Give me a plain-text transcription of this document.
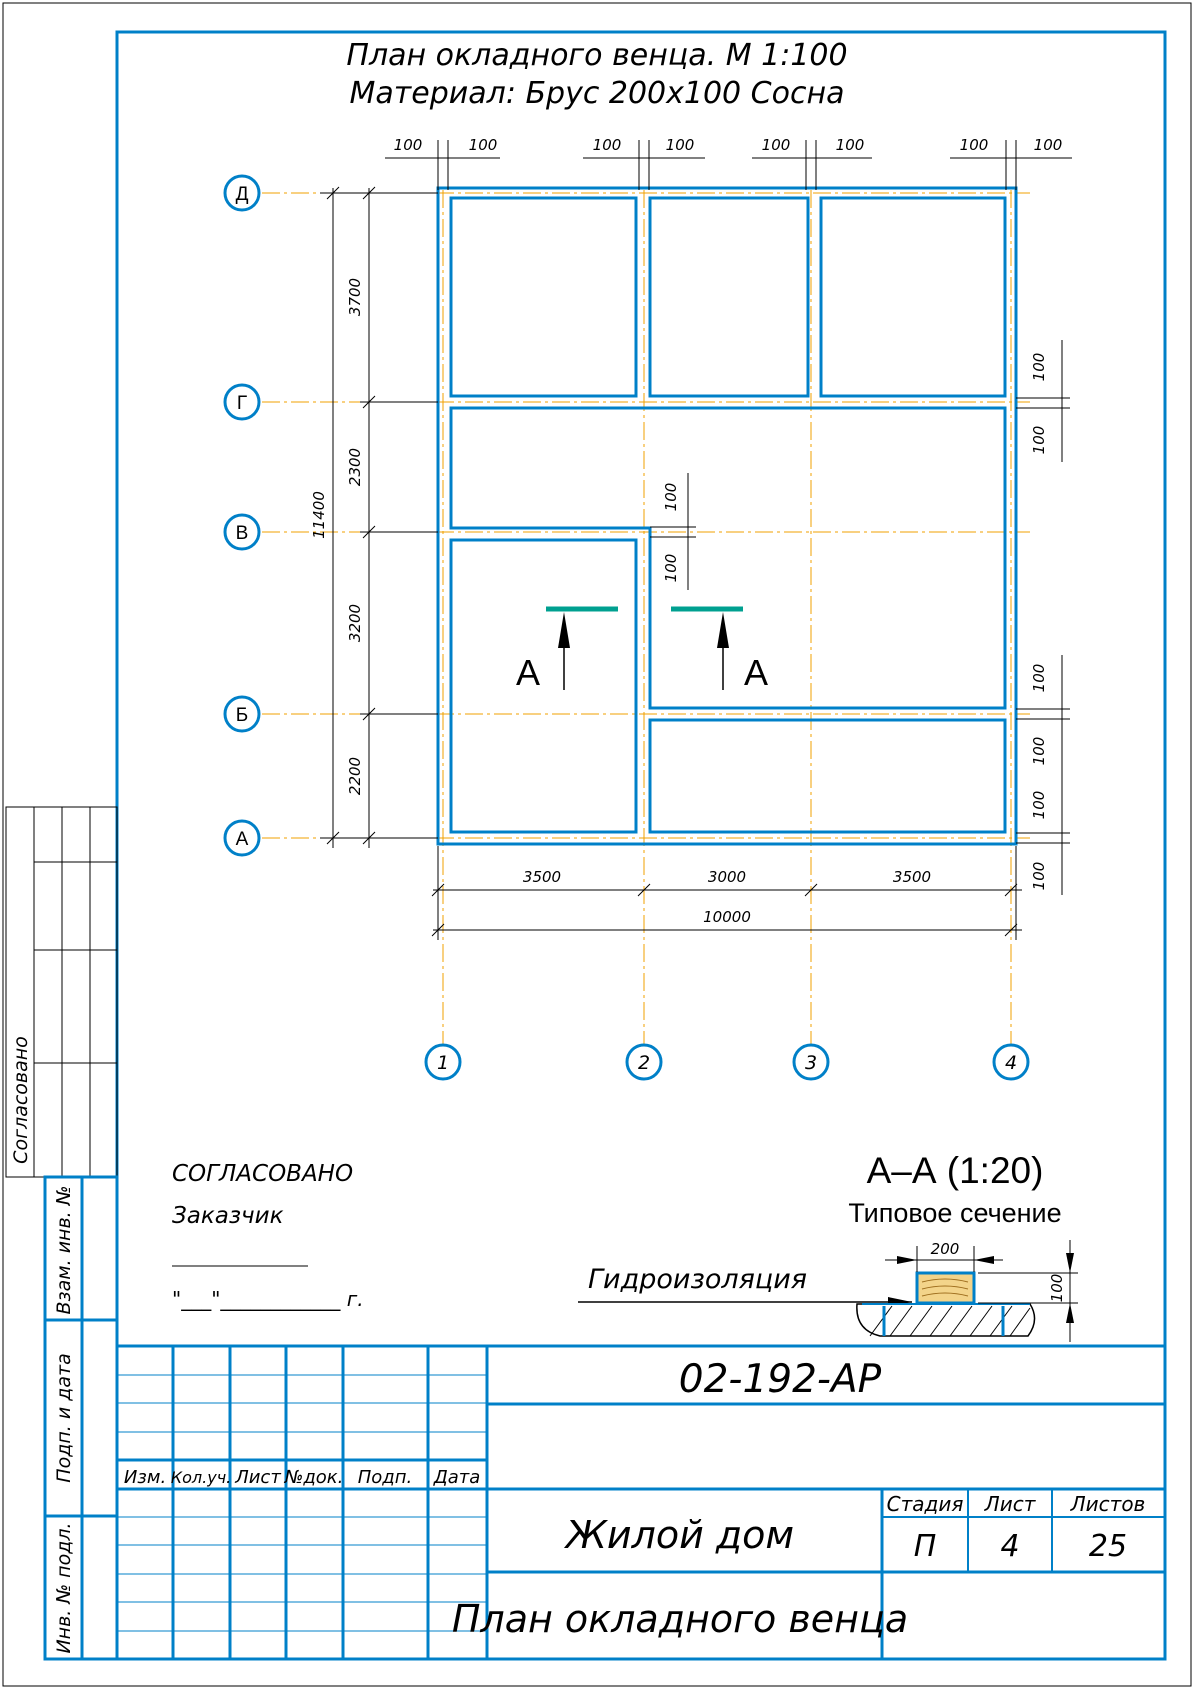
План окладного венца. М 1:100
Материал: Брус 200х100 Сосна
100	100	100	100	100	100	100	100
3700
2300
3200
2200
11400
Д
Г
В
Б
А
100
100
100
100
100
100
100
100
А	А
3500	3000	3500
10000
1	2	3	4
СОГЛАСОВАНО
Заказчик
"___"____________ г.
А–А (1:20)
Типовое сечение
Гидроизоляция
200
100
Согласовано
Взам. инв. №
Подп. и дата
Инв. № подл.
Изм. Кол.уч. Лист №док. Подп. Дата
02-192-АР
Жилой дом
План окладного венца
Стадия Лист Листов
П 4 25
